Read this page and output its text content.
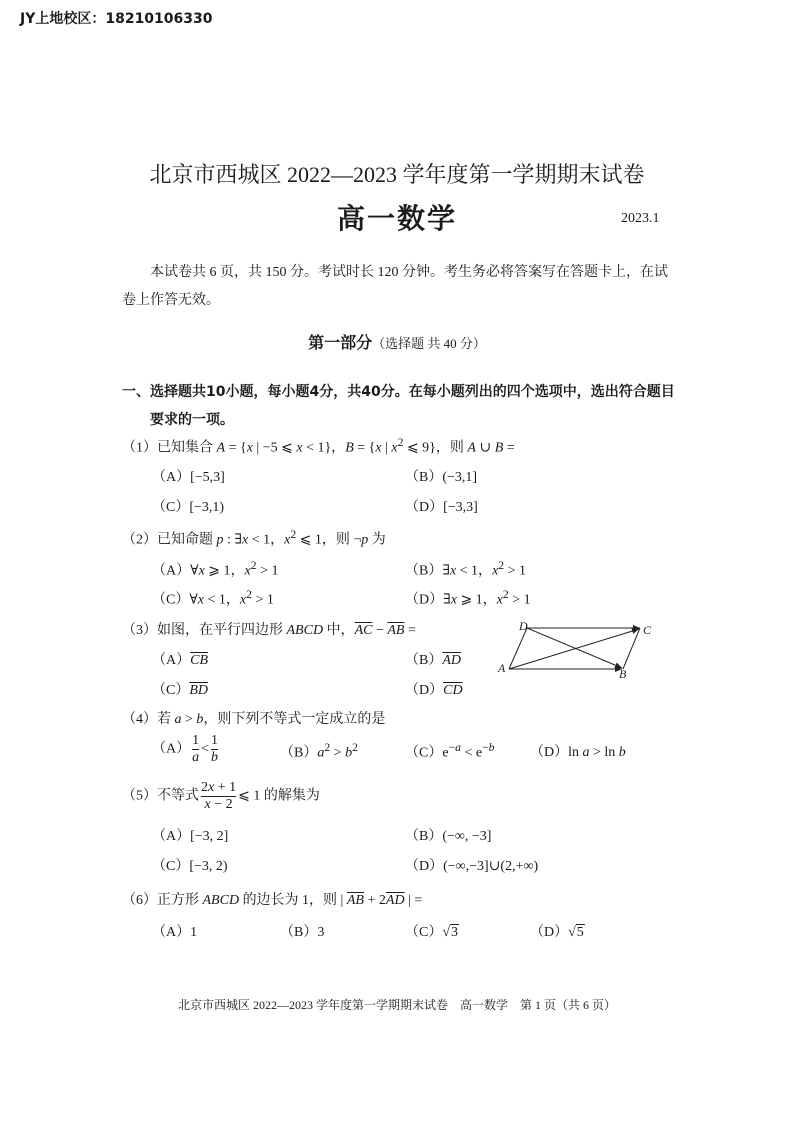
JY上地校区：18210106330
北京市西城区 2022—2023 学年度第一学期期末试卷
高一数学	2023.1
本试卷共 6 页，共 150 分。考试时长 120 分钟。考生务必将答案写在答题卡上，在试卷上作答无效。
第一部分（选择题 共 40 分）
一、选择题共10小题，每小题4分，共40分。在每小题列出的四个选项中，选出符合题目
要求的一项。
（1）已知集合 A = {x | −5 ⩽ x < 1}，B = {x | $x^2$ ⩽ 9}，则 A ∪ B =
（A）[−5,3]	（B）(−3,1]
（C）[−3,1)	（D）[−3,3]
（2）已知命题 p : ∃x < 1，$x^2$ ⩽ 1，则 ¬p 为
（A）∀x ⩾ 1，$x^2 > 1$	（B）∃x < 1，$x^2 > 1$
（C）∀x < 1，$x^2 > 1$	（D）∃x ⩾ 1，$x^2 > 1$
（3）如图，在平行四边形 ABCD 中，$\overline{AC} - \overline{AB}$ =
$(A)\overline{CB}$	$(B)\overline{AD}$
$(C)\overline{BD}$	$(D)\overline{CD}$
D	C
A	B
（4）若 a > b，则下列不等式一定成立的是
$(A) \frac{1}{a} < \frac{1}{b}$	$(B)a^2 > b^2$	$(C)e^{-a} < e^{-b}$	（D）ln a > ln b
（5）不等式 $\frac{2x + 1}{x - 2}$ ⩽ 1 的解集为
（A）[−3, 2]	（B）(−∞, −3]
（C）[−3, 2)	（D）(−∞,−3]∪(2,+∞)
（6）正方形 ABCD 的边长为 1，则 | $\overline{AB} + 2\overline{AD}$ | =
（A）1	（B）3	（C）√3	（D）√5
北京市西城区 2022—2023 学年度第一学期期末试卷　高一数学　第 1 页（共 6 页）
